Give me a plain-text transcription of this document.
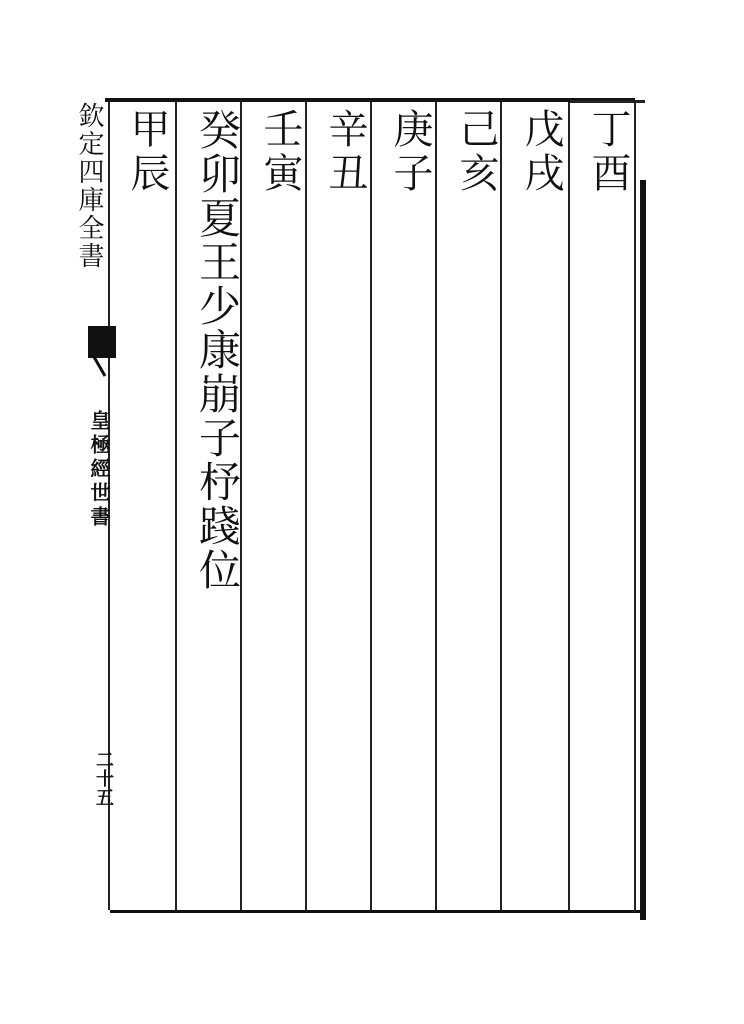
丁酉
戊戌
己亥
庚子
辛丑
壬寅
癸卯夏王少康崩子杼踐位
甲辰
欽定四庫全書
皇極經世書
二十五
